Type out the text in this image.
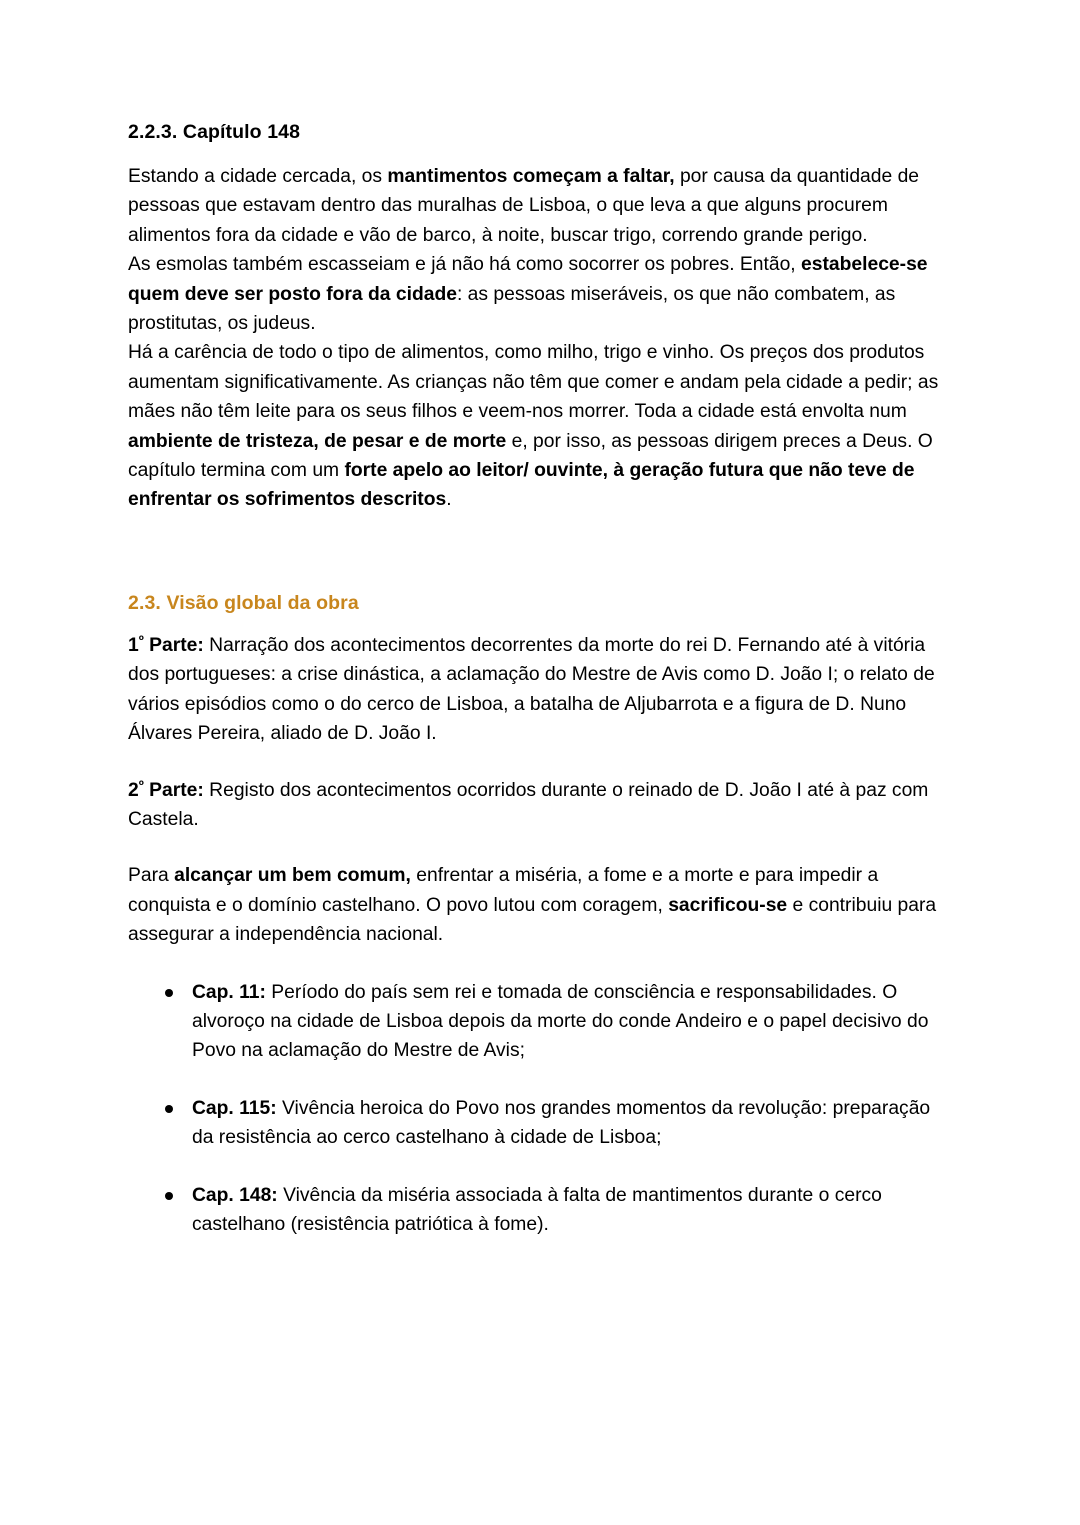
2.2.3. Capítulo 148

Estando a cidade cercada, os mantimentos começam a faltar, por causa da quantidade de pessoas que estavam dentro das muralhas de Lisboa, o que leva a que alguns procurem alimentos fora da cidade e vão de barco, à noite, buscar trigo, correndo grande perigo.

As esmolas também escasseiam e já não há como socorrer os pobres. Então, estabelece-se quem deve ser posto fora da cidade: as pessoas miseráveis, os que não combatem, as prostitutas, os judeus.

Há a carência de todo o tipo de alimentos, como milho, trigo e vinho. Os preços dos produtos aumentam significativamente. As crianças não têm que comer e andam pela cidade a pedir; as mães não têm leite para os seus filhos e veem-nos morrer. Toda a cidade está envolta num ambiente de tristeza, de pesar e de morte e, por isso, as pessoas dirigem preces a Deus. O capítulo termina com um forte apelo ao leitor/ ouvinte, à geração futura que não teve de enfrentar os sofrimentos descritos.

2.3. Visão global da obra

$1^º$ Parte: Narração dos acontecimentos decorrentes da morte do rei D. Fernando até à vitória dos portugueses: a crise dinástica, a aclamação do Mestre de Avis como D. João I; o relato de vários episódios como o do cerco de Lisboa, a batalha de Aljubarrota e a figura de D. Nuno Álvares Pereira, aliado de D. João I.

$2^º$ Parte: Registo dos acontecimentos ocorridos durante o reinado de D. João I até à paz com Castela.

Para alcançar um bem comum, enfrentar a miséria, a fome e a morte e para impedir a conquista e o domínio castelhano. O povo lutou com coragem, sacrificou-se e contribuiu para assegurar a independência nacional.

Cap. 11: Período do país sem rei e tomada de consciência e responsabilidades. O alvoroço na cidade de Lisboa depois da morte do conde Andeiro e o papel decisivo do Povo na aclamação do Mestre de Avis;
Cap. 115: Vivência heroica do Povo nos grandes momentos da revolução: preparação da resistência ao cerco castelhano à cidade de Lisboa;
Cap. 148: Vivência da miséria associada à falta de mantimentos durante o cerco castelhano (resistência patriótica à fome).
